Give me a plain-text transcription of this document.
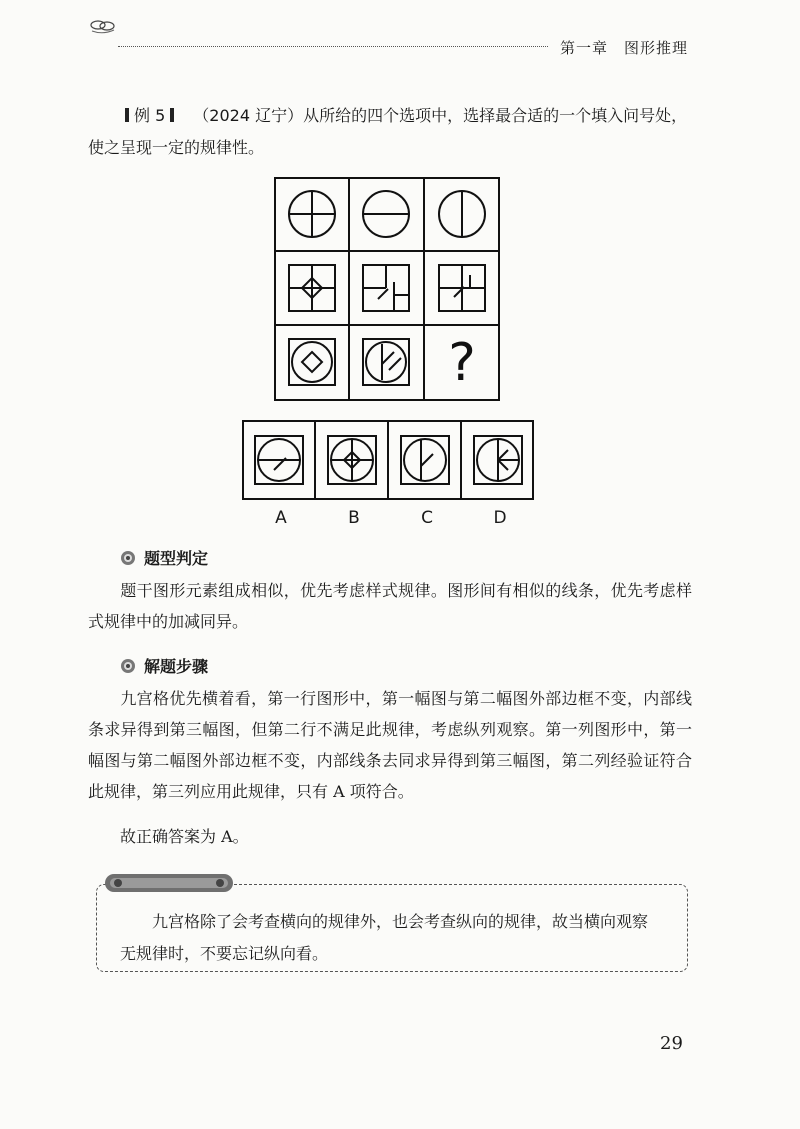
第一章 图形推理
例 5 （2024 辽宁）从所给的四个选项中，选择最合适的一个填入问号处，
使之呈现一定的规律性。
?
A	B	C	D
题型判定
题干图形元素组成相似，优先考虑样式规律。图形间有相似的线条，优先考虑样式规律中的加减同异。
解题步骤
九宫格优先横着看，第一行图形中，第一幅图与第二幅图外部边框不变，内部线条求异得到第三幅图，但第二行不满足此规律，考虑纵列观察。第一列图形中，第一幅图与第二幅图外部边框不变，内部线条去同求异得到第三幅图，第二列经验证符合此规律，第三列应用此规律，只有 A 项符合。
故正确答案为 A。
九宫格除了会考查横向的规律外，也会考查纵向的规律，故当横向观察无规律时，不要忘记纵向看。
29
